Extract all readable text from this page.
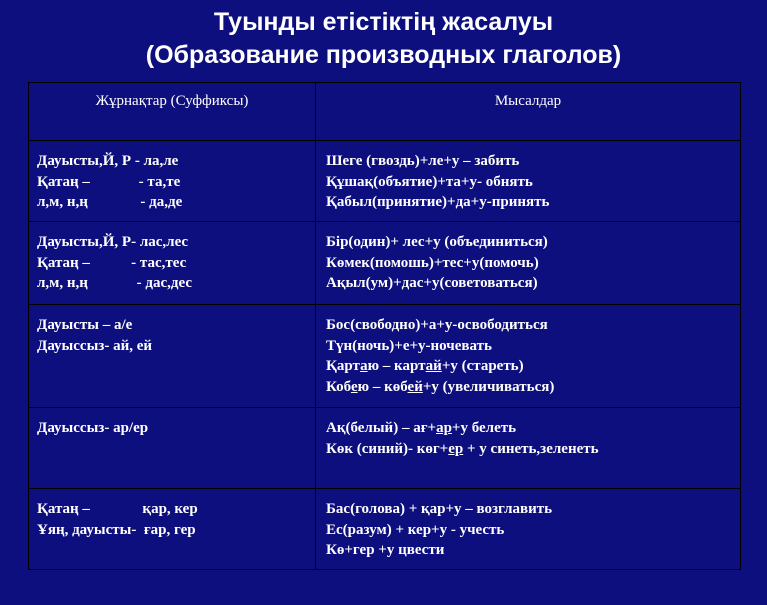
Туынды етістіктің жасалуы
(Образование производных глаголов)
Жұрнақтар (Суффиксы)	Мысалдар

Дауысты,Й, Р - ла,ле
Қатаң –             - та,те
л,м, н,ң              - да,де	Шеге (гвоздь)+ле+у – забить
Құшақ(объятие)+та+у- обнять
Қабыл(принятие)+да+у-принять

Дауысты,Й, Р- лас,лес
Қатаң –           - тас,тес
л,м, н,ң             - дас,дес	Бір(один)+ лес+у (объединиться)
Көмек(помошь)+тес+у(помочь)
Ақыл(ум)+дас+у(советоваться)

Дауысты – а/е
Дауыссыз- ай, ей	Бос(свободно)+а+у-освободиться
Түн(ночь)+е+у-ночевать
Қартаю – картай+у (стареть)
Кобею – көбей+у (увеличиваться)

Дауыссыз- ар/ер	Ақ(белый) – ағ+ар+у белеть
Көк (синий)- көг+ер + у синеть,зеленеть

Қатаң –              қар, кер
Ұяң, дауысты-  ғар, гер	Бас(голова) + қар+у – возглавить
Ес(разум) + кер+у - учесть
Кө+гер +у цвести
